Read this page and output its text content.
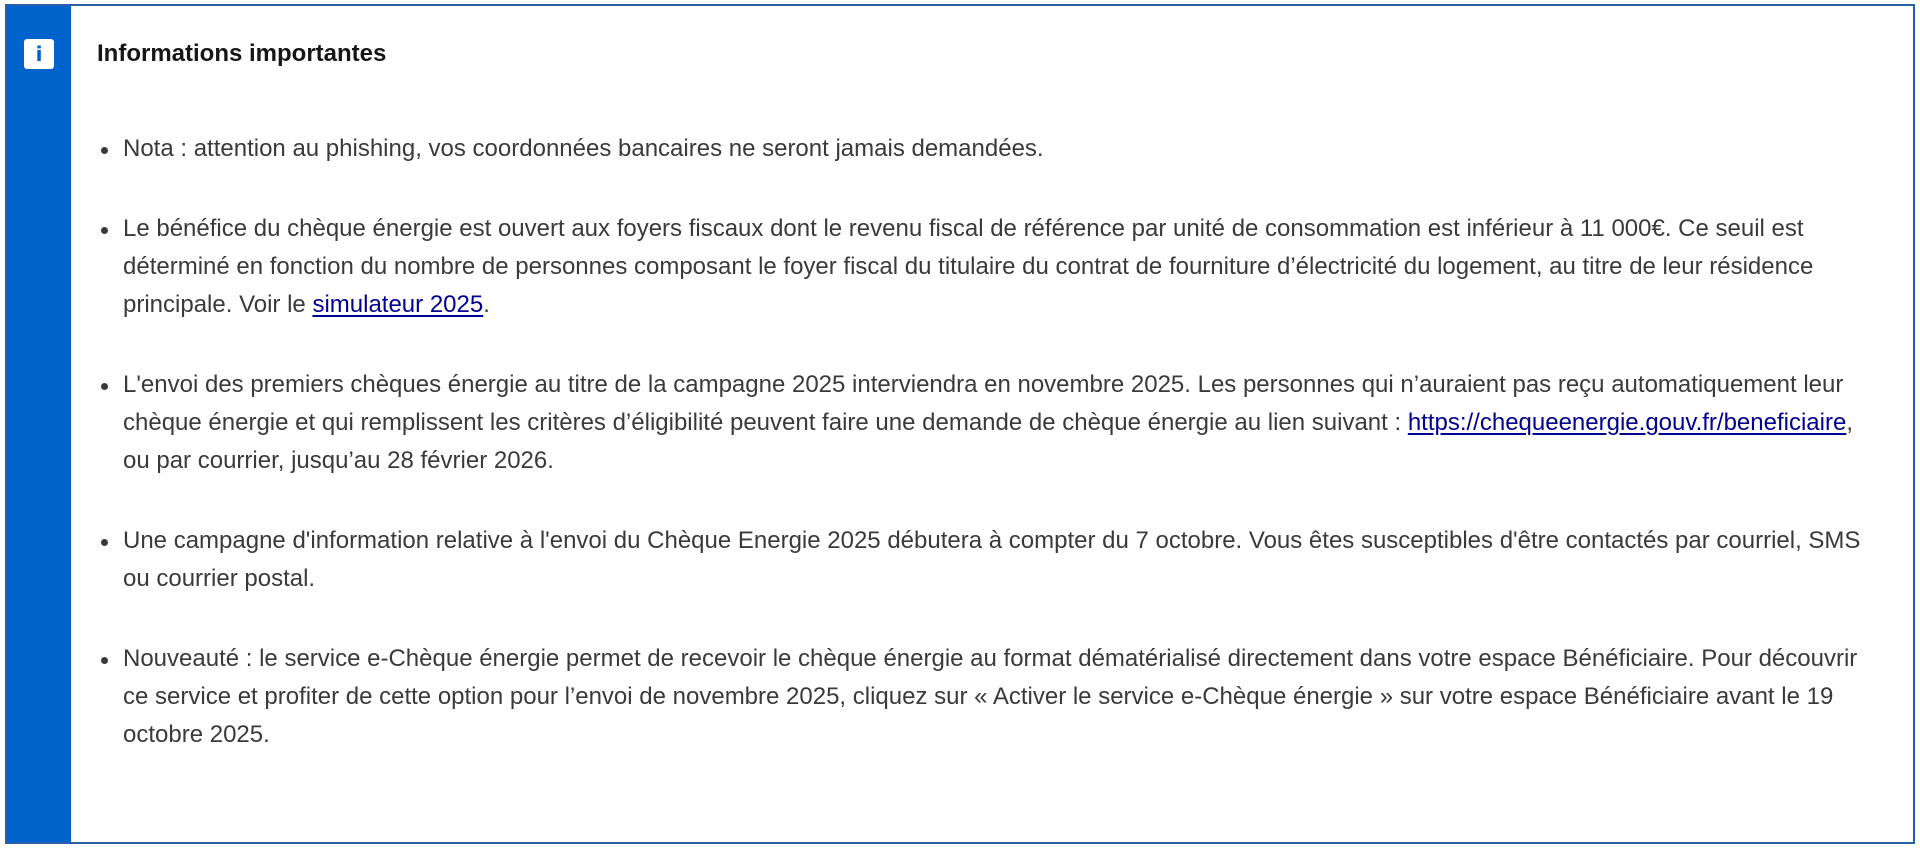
i	Informations importantes
Nota : attention au phishing, vos coordonnées bancaires ne seront jamais demandées.
Le bénéfice du chèque énergie est ouvert aux foyers fiscaux dont le revenu fiscal de référence par unité de consommation est inférieur à 11 000€. Ce seuil est déterminé en fonction du nombre de personnes composant le foyer fiscal du titulaire du contrat de fourniture d’électricité du logement, au titre de leur résidence principale. Voir le simulateur 2025.
L'envoi des premiers chèques énergie au titre de la campagne 2025 interviendra en novembre 2025. Les personnes qui n’auraient pas reçu automatiquement leur chèque énergie et qui remplissent les critères d’éligibilité peuvent faire une demande de chèque énergie au lien suivant : https://chequeenergie.gouv.fr/beneficiaire, ou par courrier, jusqu’au 28 février 2026.
Une campagne d'information relative à l'envoi du Chèque Energie 2025 débutera à compter du 7 octobre. Vous êtes susceptibles d'être contactés par courriel, SMS ou courrier postal.
Nouveauté : le service e-Chèque énergie permet de recevoir le chèque énergie au format dématérialisé directement dans votre espace Bénéficiaire. Pour découvrir ce service et profiter de cette option pour l’envoi de novembre 2025, cliquez sur « Activer le service e-Chèque énergie » sur votre espace Bénéficiaire avant le 19 octobre 2025.
